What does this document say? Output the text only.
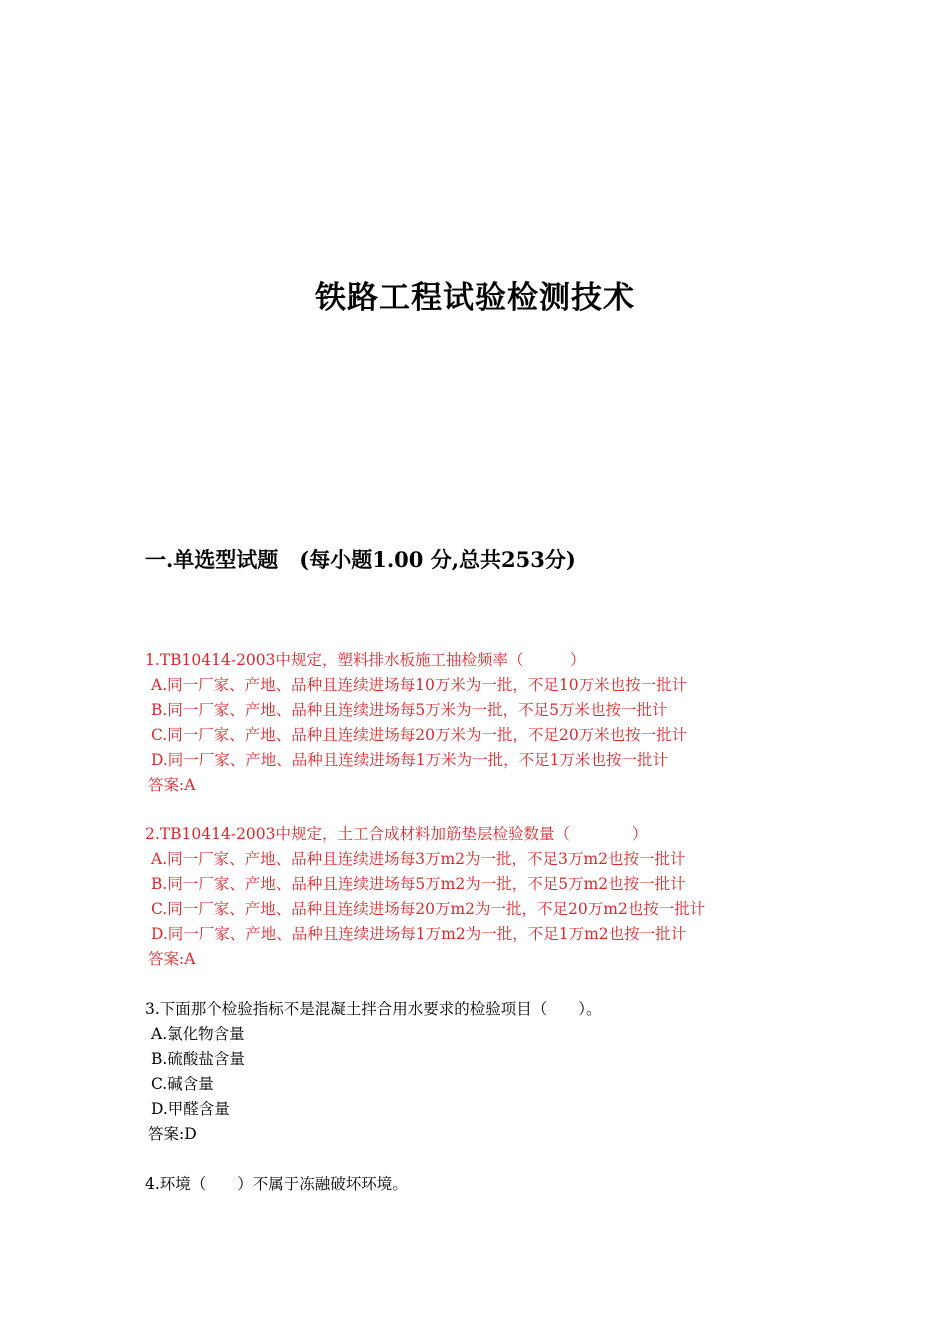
铁路工程试验检测技术
一.单选型试题　(每小题1.00 分,总共253分)
1.TB10414-2003中规定，塑料排水板施工抽检频率（　　　）
A.同一厂家、产地、品种且连续进场每10万米为一批，不足10万米也按一批计
B.同一厂家、产地、品种且连续进场每5万米为一批，不足5万米也按一批计
C.同一厂家、产地、品种且连续进场每20万米为一批，不足20万米也按一批计
D.同一厂家、产地、品种且连续进场每1万米为一批，不足1万米也按一批计
答案:A
2.TB10414-2003中规定，土工合成材料加筋垫层检验数量（　　　　）
A.同一厂家、产地、品种且连续进场每3万m2为一批，不足3万m2也按一批计
B.同一厂家、产地、品种且连续进场每5万m2为一批，不足5万m2也按一批计
C.同一厂家、产地、品种且连续进场每20万m2为一批，不足20万m2也按一批计
D.同一厂家、产地、品种且连续进场每1万m2为一批，不足1万m2也按一批计
答案:A
3.下面那个检验指标不是混凝土拌合用水要求的检验项目（　　）。
A.氯化物含量
B.硫酸盐含量
C.碱含量
D.甲醛含量
答案:D
4.环境（　　）不属于冻融破坏环境。
